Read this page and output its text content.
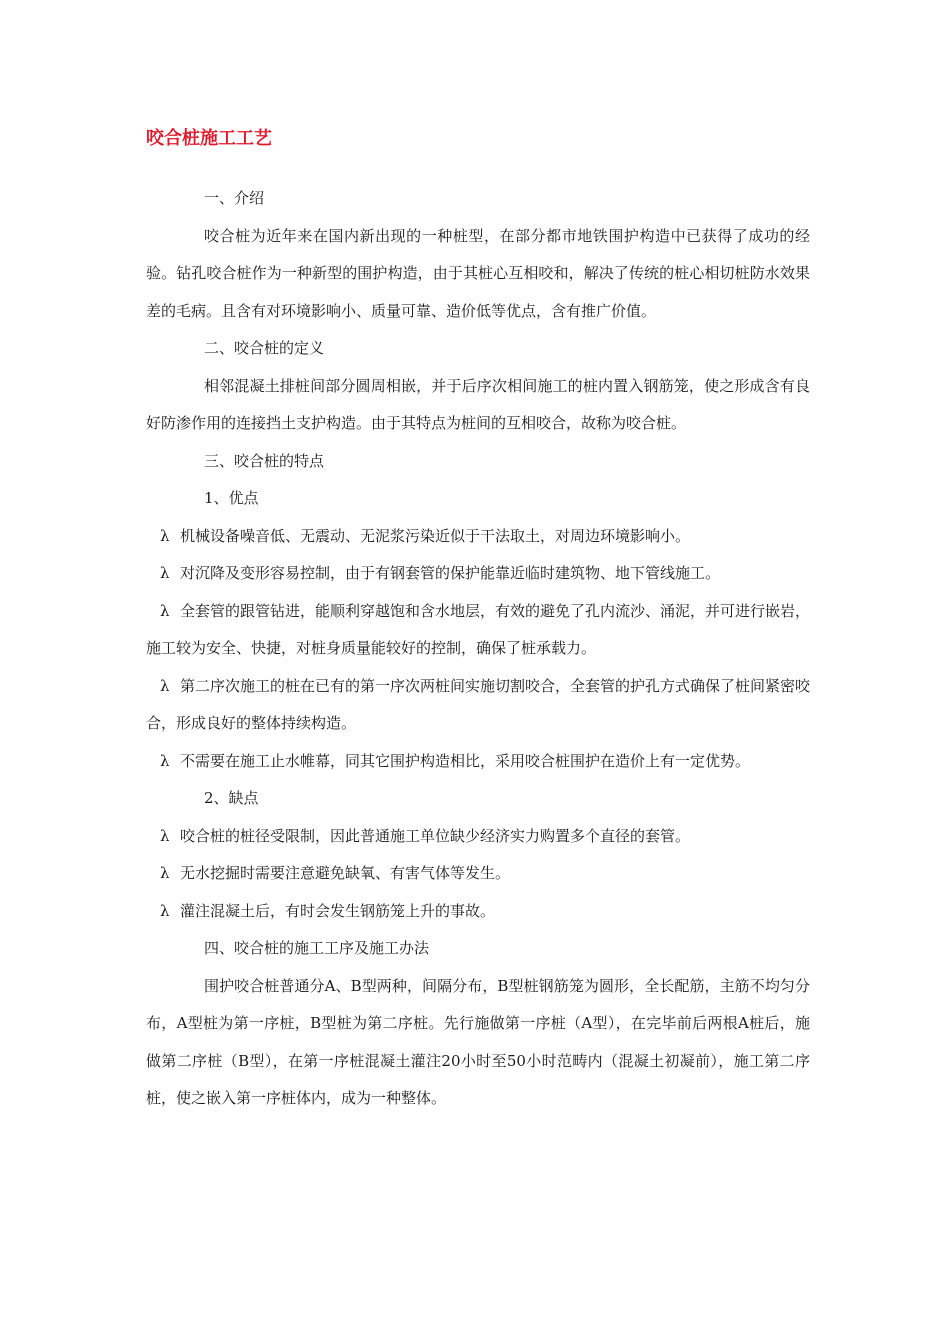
咬合桩施工工艺

一、介绍

咬合桩为近年来在国内新出现的一种桩型，在部分都市地铁围护构造中已获得了成功的经验。钻孔咬合桩作为一种新型的围护构造，由于其桩心互相咬和，解决了传统的桩心相切桩防水效果差的毛病。且含有对环境影响小、质量可靠、造价低等优点，含有推广价值。

二、咬合桩的定义

相邻混凝土排桩间部分圆周相嵌，并于后序次相间施工的桩内置入钢筋笼，使之形成含有良好防渗作用的连接挡土支护构造。由于其特点为桩间的互相咬合，故称为咬合桩。

三、咬合桩的特点

1、优点

λ 机械设备噪音低、无震动、无泥浆污染近似于干法取土，对周边环境影响小。

λ 对沉降及变形容易控制，由于有钢套管的保护能靠近临时建筑物、地下管线施工。

λ 全套管的跟管钻进，能顺利穿越饱和含水地层，有效的避免了孔内流沙、涌泥，并可进行嵌岩，施工较为安全、快捷，对桩身质量能较好的控制，确保了桩承载力。

λ 第二序次施工的桩在已有的第一序次两桩间实施切割咬合，全套管的护孔方式确保了桩间紧密咬合，形成良好的整体持续构造。

λ 不需要在施工止水帷幕，同其它围护构造相比，采用咬合桩围护在造价上有一定优势。

2、缺点

λ 咬合桩的桩径受限制，因此普通施工单位缺少经济实力购置多个直径的套管。

λ 无水挖掘时需要注意避免缺氧、有害气体等发生。

λ 灌注混凝土后，有时会发生钢筋笼上升的事故。

四、咬合桩的施工工序及施工办法

围护咬合桩普通分A、B型两种，间隔分布，B型桩钢筋笼为圆形，全长配筋，主筋不均匀分布，A型桩为第一序桩，B型桩为第二序桩。先行施做第一序桩（A型），在完毕前后两根A桩后，施做第二序桩（B型），在第一序桩混凝土灌注20小时至50小时范畴内（混凝土初凝前），施工第二序桩，使之嵌入第一序桩体内，成为一种整体。
